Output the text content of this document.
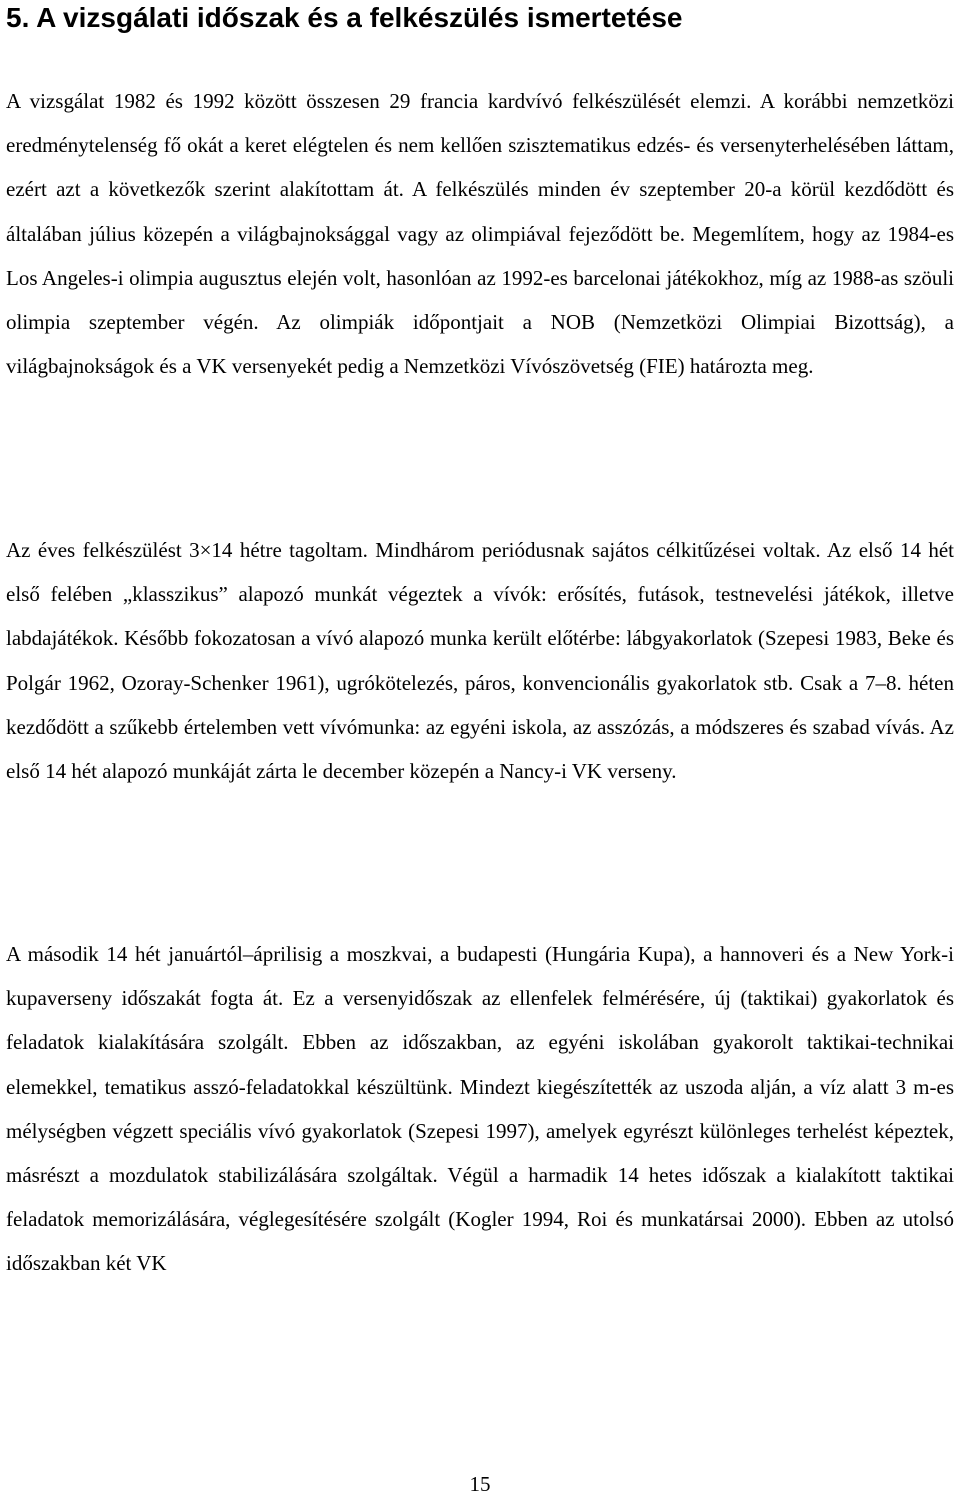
5. A vizsgálati időszak és a felkészülés ismertetése

A vizsgálat 1982 és 1992 között összesen 29 francia kardvívó felkészülését elemzi. A korábbi nemzetközi eredménytelenség fő okát a keret elégtelen és nem kellően szisztematikus edzés- és versenyterhelésében láttam, ezért azt a következők szerint alakítottam át. A felkészülés minden év szeptember 20-a körül kezdődött és általában július közepén a világbajnoksággal vagy az olimpiával fejeződött be. Megemlítem, hogy az 1984-es Los Angeles-i olimpia augusztus elején volt, hasonlóan az 1992-es barcelonai játékokhoz, míg az 1988-as szöuli olimpia szeptember végén. Az olimpiák időpontjait a NOB (Nemzetközi Olimpiai Bizottság), a világbajnokságok és a VK versenyekét pedig a Nemzetközi Vívószövetség (FIE) határozta meg.

Az éves felkészülést 3×14 hétre tagoltam. Mindhárom periódusnak sajátos célkitűzései voltak. Az első 14 hét első felében „klasszikus” alapozó munkát végeztek a vívók: erősítés, futások, testnevelési játékok, illetve labdajátékok. Később fokozatosan a vívó alapozó munka került előtérbe: lábgyakorlatok (Szepesi 1983, Beke és Polgár 1962, Ozoray-Schenker 1961), ugrókötelezés, páros, konvencionális gyakorlatok stb. Csak a 7–8. héten kezdődött a szűkebb értelemben vett vívómunka: az egyéni iskola, az asszózás, a módszeres és szabad vívás. Az első 14 hét alapozó munkáját zárta le december közepén a Nancy-i VK verseny.

A második 14 hét januártól–áprilisig a moszkvai, a budapesti (Hungária Kupa), a hannoveri és a New York-i kupaverseny időszakát fogta át. Ez a versenyidőszak az ellenfelek felmérésére, új (taktikai) gyakorlatok és feladatok kialakítására szolgált. Ebben az időszakban, az egyéni iskolában gyakorolt taktikai-technikai elemekkel, tematikus asszó-feladatokkal készültünk. Mindezt kiegészítették az uszoda alján, a víz alatt 3 m-es mélységben végzett speciális vívó gyakorlatok (Szepesi 1997), amelyek egyrészt különleges terhelést képeztek, másrészt a mozdulatok stabilizálására szolgáltak. Végül a harmadik 14 hetes időszak a kialakított taktikai feladatok memorizálására, véglegesítésére szolgált (Kogler 1994, Roi és munkatársai 2000). Ebben az utolsó időszakban két VK

15
